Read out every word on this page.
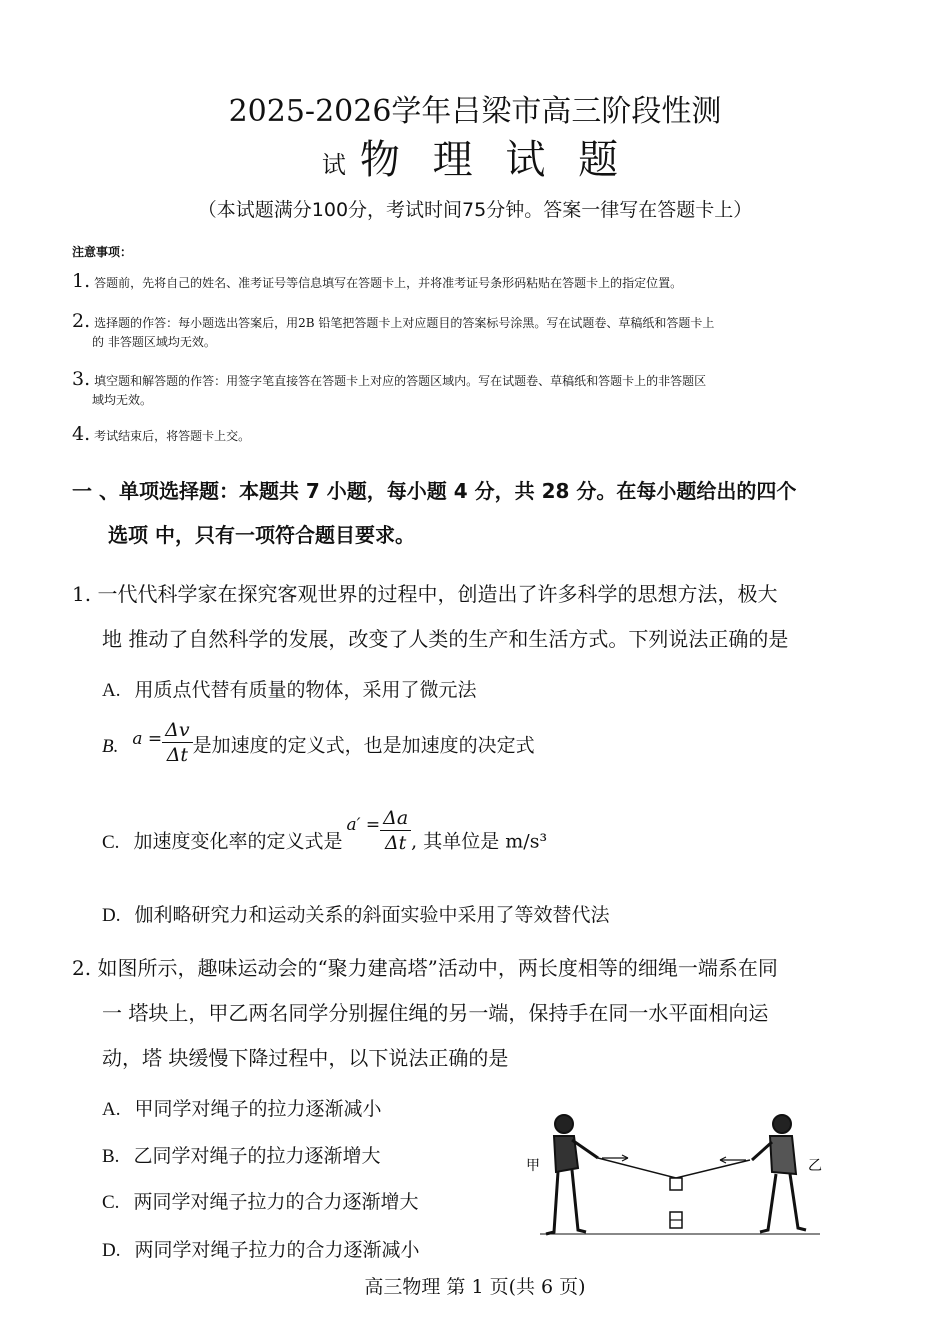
2025-2026学年吕梁市高三阶段性测
试 物 理 试 题
（本试题满分100分，考试时间75分钟。答案一律写在答题卡上）
注意事项：
1. 答题前，先将自己的姓名、准考证号等信息填写在答题卡上，并将准考证号条形码粘贴在答题卡上的指定位置。
2. 选择题的作答：每小题选出答案后，用2B 铅笔把答题卡上对应题目的答案标号涂黑。写在试题卷、草稿纸和答题卡上
的 非答题区域均无效。
3. 填空题和解答题的作答：用签字笔直接答在答题卡上对应的答题区域内。写在试题卷、草稿纸和答题卡上的非答题区
域均无效。
4. 考试结束后，将答题卡上交。
一 、单项选择题：本题共 7 小题，每小题 4 分，共 28 分。在每小题给出的四个
选项 中，只有一项符合题目要求。
1. 一代代科学家在探究客观世界的过程中，创造出了许多科学的思想方法，极大
地 推动了自然科学的发展，改变了人类的生产和生活方式。下列说法正确的是
A. 用质点代替有质量的物体，采用了微元法
B. $a = \frac{\Delta v}{\Delta t}$ 是加速度的定义式，也是加速度的决定式
C. 加速度变化率的定义式是$a' = \frac{\Delta a}{\Delta t}$ , 其单位是 m/s³
D. 伽利略研究力和运动关系的斜面实验中采用了等效替代法
2. 如图所示，趣味运动会的“聚力建高塔”活动中，两长度相等的细绳一端系在同
一 塔块上，甲乙两名同学分别握住绳的另一端，保持手在同一水平面相向运
动，塔 块缓慢下降过程中，以下说法正确的是
A. 甲同学对绳子的拉力逐渐减小
B. 乙同学对绳子的拉力逐渐增大
C. 两同学对绳子拉力的合力逐渐增大
D. 两同学对绳子拉力的合力逐渐减小
甲	乙
高三物理 第 1 页(共 6 页)
